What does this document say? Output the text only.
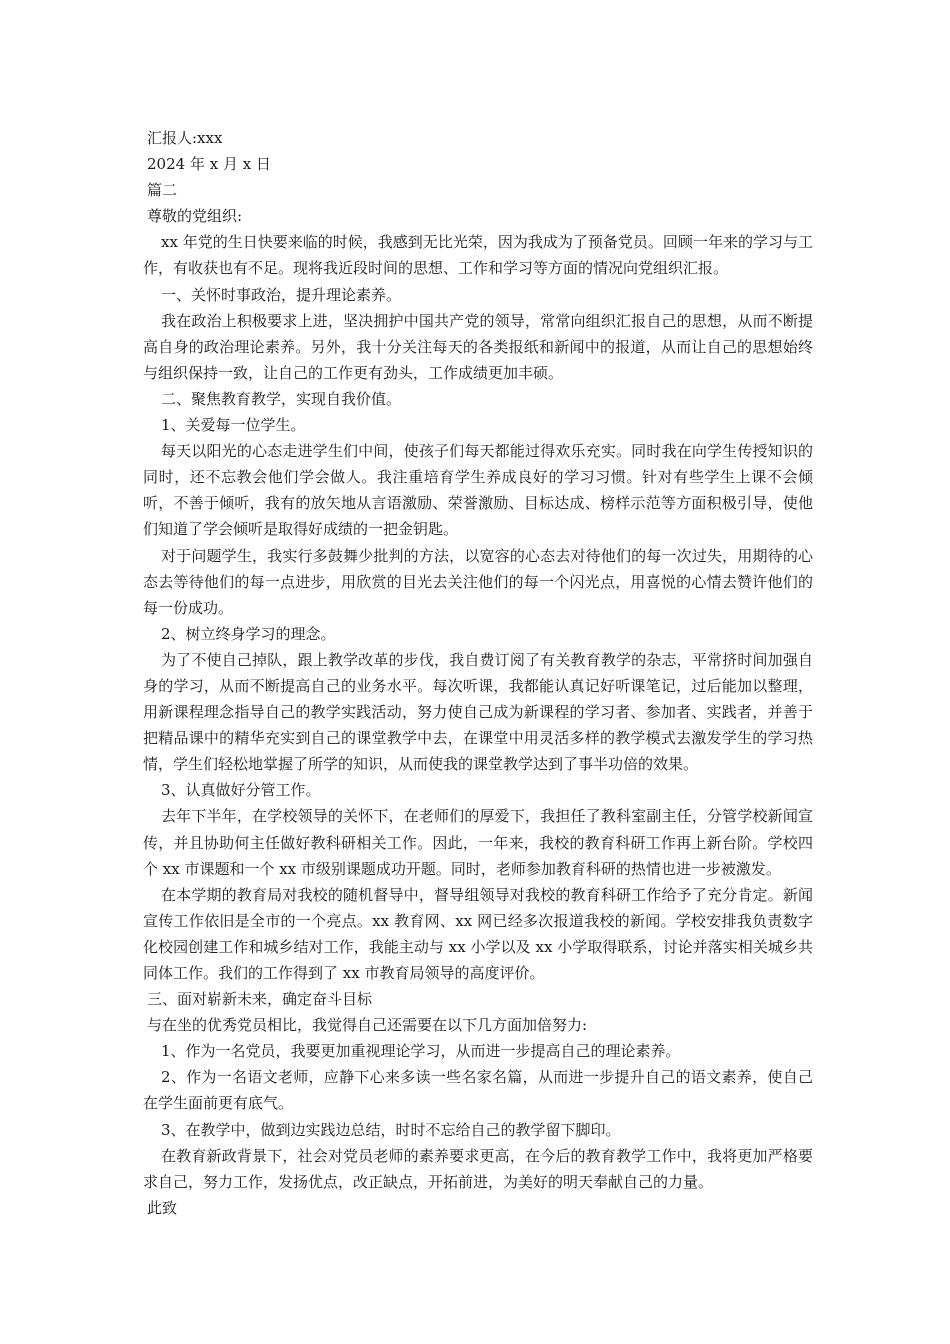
汇报人:xxx

2024 年 x 月 x 日

篇二

尊敬的党组织:

xx 年党的生日快要来临的时候，我感到无比光荣，因为我成为了预备党员。回顾一年来的学习与工作，有收获也有不足。现将我近段时间的思想、工作和学习等方面的情况向党组织汇报。

一、关怀时事政治，提升理论素养。

我在政治上积极要求上进，坚决拥护中国共产党的领导，常常向组织汇报自己的思想，从而不断提高自身的政治理论素养。另外，我十分关注每天的各类报纸和新闻中的报道，从而让自己的思想始终与组织保持一致，让自己的工作更有劲头，工作成绩更加丰硕。

二、聚焦教育教学，实现自我价值。

1、关爱每一位学生。

每天以阳光的心态走进学生们中间，使孩子们每天都能过得欢乐充实。同时我在向学生传授知识的同时，还不忘教会他们学会做人。我注重培育学生养成良好的学习习惯。针对有些学生上课不会倾听，不善于倾听，我有的放矢地从言语激励、荣誉激励、目标达成、榜样示范等方面积极引导，使他们知道了学会倾听是取得好成绩的一把金钥匙。

对于问题学生，我实行多鼓舞少批判的方法，以宽容的心态去对待他们的每一次过失，用期待的心态去等待他们的每一点进步，用欣赏的目光去关注他们的每一个闪光点，用喜悦的心情去赞许他们的每一份成功。

2、树立终身学习的理念。

为了不使自己掉队，跟上教学改革的步伐，我自费订阅了有关教育教学的杂志，平常挤时间加强自身的学习，从而不断提高自己的业务水平。每次听课，我都能认真记好听课笔记，过后能加以整理，用新课程理念指导自己的教学实践活动，努力使自己成为新课程的学习者、参加者、实践者，并善于把精品课中的精华充实到自己的课堂教学中去，在课堂中用灵活多样的教学模式去激发学生的学习热情，学生们轻松地掌握了所学的知识，从而使我的课堂教学达到了事半功倍的效果。

3、认真做好分管工作。

去年下半年，在学校领导的关怀下，在老师们的厚爱下，我担任了教科室副主任，分管学校新闻宣传，并且协助何主任做好教科研相关工作。因此，一年来，我校的教育科研工作再上新台阶。学校四个 xx 市课题和一个 xx 市级别课题成功开题。同时，老师参加教育科研的热情也进一步被激发。

在本学期的教育局对我校的随机督导中，督导组领导对我校的教育科研工作给予了充分肯定。新闻宣传工作依旧是全市的一个亮点。xx 教育网、xx 网已经多次报道我校的新闻。学校安排我负责数字化校园创建工作和城乡结对工作，我能主动与 xx 小学以及 xx 小学取得联系，讨论并落实相关城乡共同体工作。我们的工作得到了 xx 市教育局领导的高度评价。

三、面对崭新未来，确定奋斗目标

与在坐的优秀党员相比，我觉得自己还需要在以下几方面加倍努力:

1、作为一名党员，我要更加重视理论学习，从而进一步提高自己的理论素养。

2、作为一名语文老师，应静下心来多读一些名家名篇，从而进一步提升自己的语文素养，使自己在学生面前更有底气。

3、在教学中，做到边实践边总结，时时不忘给自己的教学留下脚印。

在教育新政背景下，社会对党员老师的素养要求更高，在今后的教育教学工作中，我将更加严格要求自己，努力工作，发扬优点，改正缺点，开拓前进，为美好的明天奉献自己的力量。

此致
